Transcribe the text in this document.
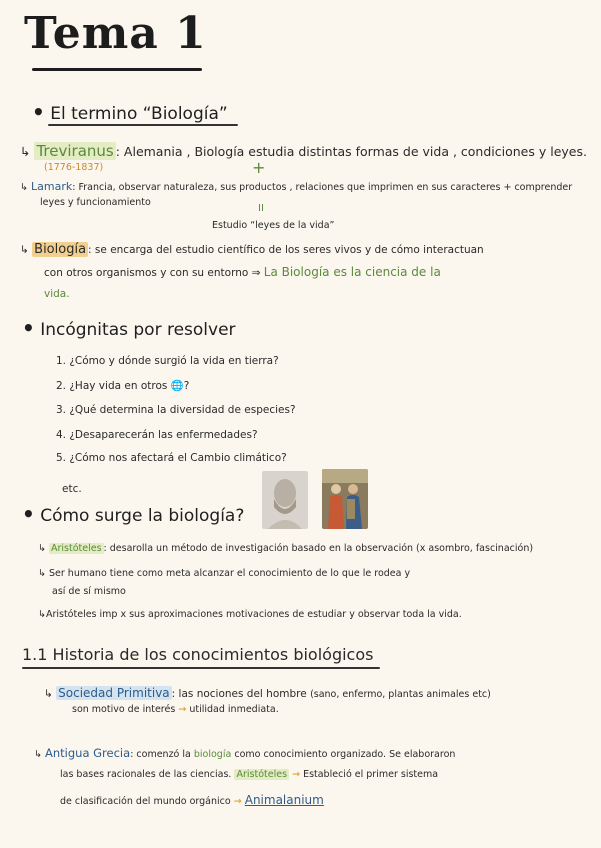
Tema 1
• El termino “Biología”
↳ Treviranus : Alemania , Biología estudia distintas formas de vida , condiciones y leyes.
(1776-1837)	+
↳ Lamark: Francia, observar naturaleza, sus productos , relaciones que imprimen en sus caracteres + comprender
leyes y funcionamiento
II
Estudio “leyes de la vida”
↳ Biología : se encarga del estudio científico de los seres vivos y de cómo interactuan
con otros organismos y con su entorno ⇒ La Biología es la ciencia de la
vida.
• Incógnitas por resolver
1. ¿Cómo y dónde surgió la vida en tierra?
2. ¿Hay vida en otros 🌐?
3. ¿Qué determina la diversidad de especies?
4. ¿Desaparecerán las enfermedades?
5. ¿Cómo nos afectará el Cambio climático?
etc.
• Cómo surge la biología?
↳ Aristóteles : desarolla un método de investigación basado en la observación (x asombro, fascinación)
↳ Ser humano tiene como meta alcanzar el conocimiento de lo que le rodea y
así de sí mismo
↳Aristóteles imp x sus aproximaciones motivaciones de estudiar y observar toda la vida.
1.1 Historia de los conocimientos biológicos
↳ Sociedad Primitiva : las nociones del hombre (sano, enfermo, plantas animales etc)
son motivo de interés → utilidad inmediata.
↳ Antigua Grecia: comenzó la biología como conocimiento organizado. Se elaboraron
las bases racionales de las ciencias. Aristóteles → Estableció el primer sistema
de clasificación del mundo orgánico → Animalanium
